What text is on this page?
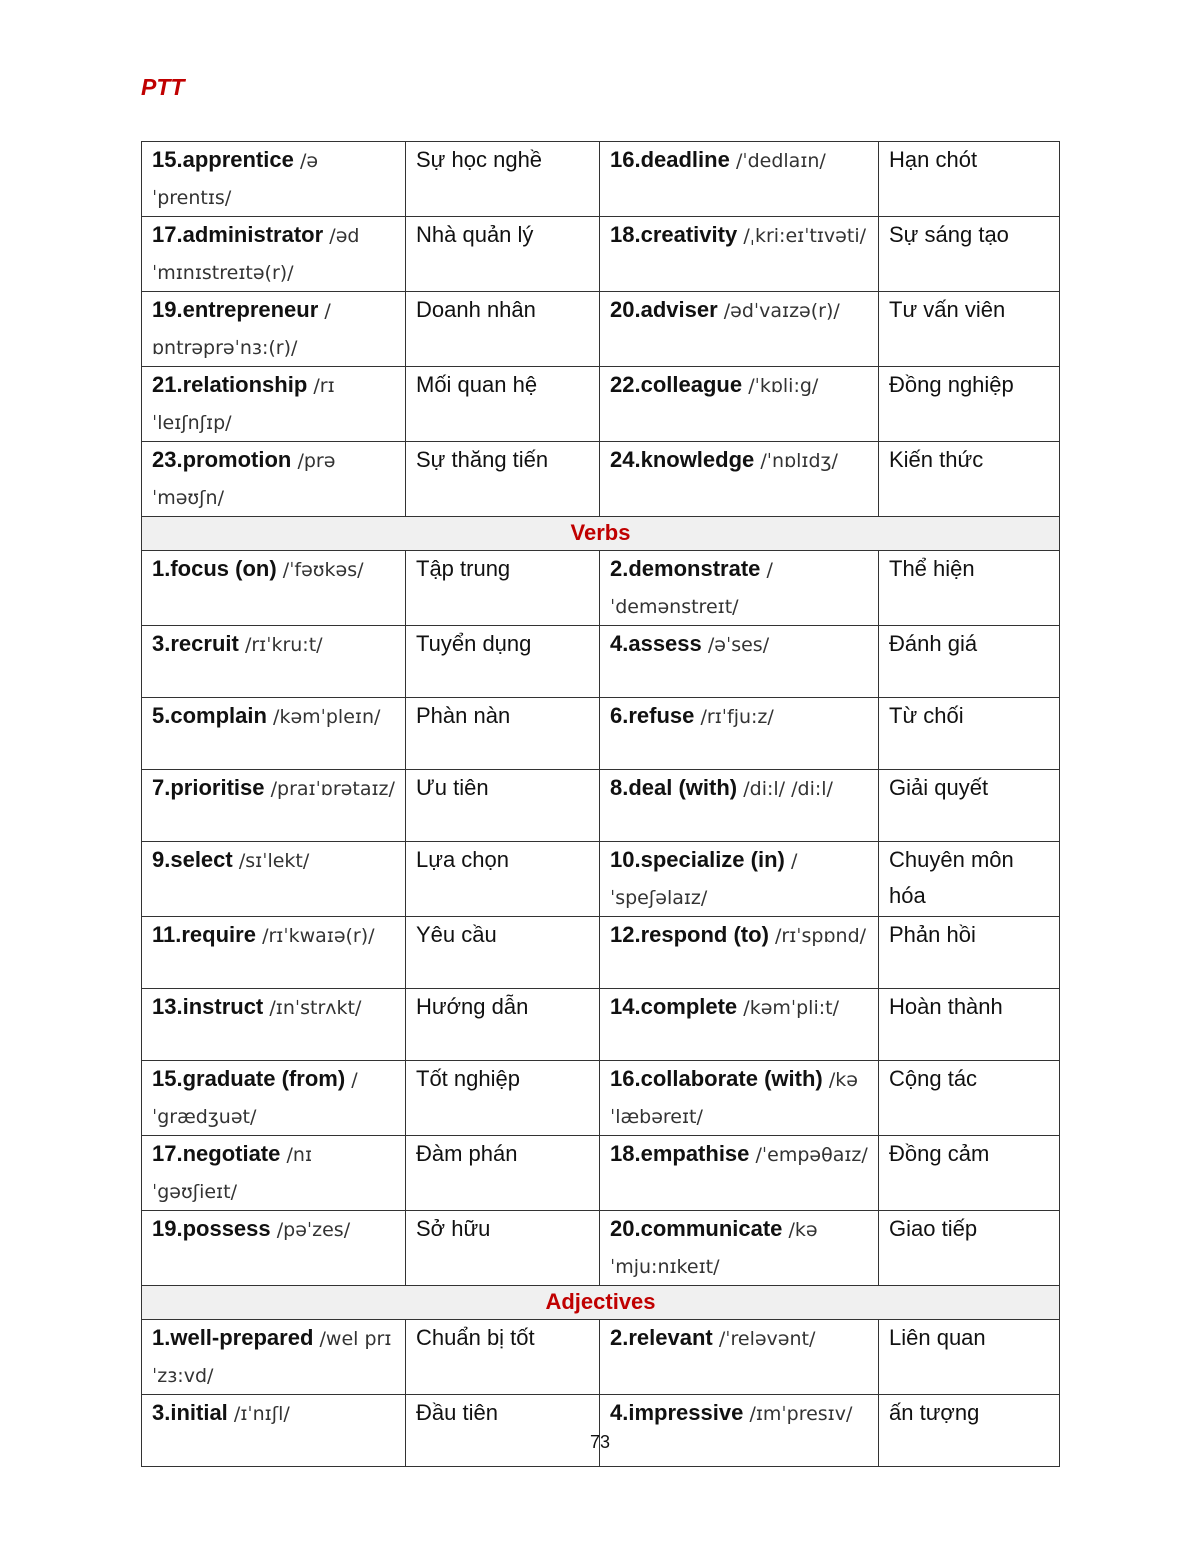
PTT
15.apprentice /əˈprentɪs/	Sự học nghề	16.deadline /ˈdedlaɪn/	Hạn chót
17.administrator /ədˈmɪnɪstreɪtə(r)/	Nhà quản lý	18.creativity /ˌkri:eɪˈtɪvəti/	Sự sáng tạo
19.entrepreneur /ɒntrəprəˈnɜ:(r)/	Doanh nhân	20.adviser /ədˈvaɪzə(r)/	Tư vấn viên
21.relationship /rɪˈleɪʃnʃɪp/	Mối quan hệ	22.colleague /ˈkɒli:g/	Đồng nghiệp
23.promotion /prəˈməʊʃn/	Sự thăng tiến	24.knowledge /ˈnɒlɪdʒ/	Kiến thức
Verbs			
1.focus (on) /ˈfəʊkəs/	Tập trung	2.demonstrate /ˈdemənstreɪt/	Thể hiện
3.recruit /rɪˈkru:t/	Tuyển dụng	4.assess /əˈses/	Đánh giá
5.complain /kəmˈpleɪn/	Phàn nàn	6.refuse /rɪˈfju:z/	Từ chối
7.prioritise /praɪˈɒrətaɪz/	Ưu tiên	8.deal (with) /di:l/ /di:l/	Giải quyết
9.select /sɪˈlekt/	Lựa chọn	10.specialize (in) /ˈspeʃəlaɪz/	Chuyên môn hóa
11.require /rɪˈkwaɪə(r)/	Yêu cầu	12.respond (to) /rɪˈspɒnd/	Phản hồi
13.instruct /ɪnˈstrʌkt/	Hướng dẫn	14.complete /kəmˈpli:t/	Hoàn thành
15.graduate (from) /ˈgrædʒuət/	Tốt nghiệp	16.collaborate (with) /kəˈlæbəreɪt/	Cộng tác
17.negotiate /nɪˈgəʊʃieɪt/	Đàm phán	18.empathise /ˈempəθaɪz/	Đồng cảm
19.possess /pəˈzes/	Sở hữu	20.communicate /kəˈmju:nɪkeɪt/	Giao tiếp
Adjectives			
1.well-prepared /wel prɪˈzɜ:vd/	Chuẩn bị tốt	2.relevant /ˈreləvənt/	Liên quan
3.initial /ɪˈnɪʃl/	Đầu tiên	4.impressive /ɪmˈpresɪv/	ấn tượng
73
